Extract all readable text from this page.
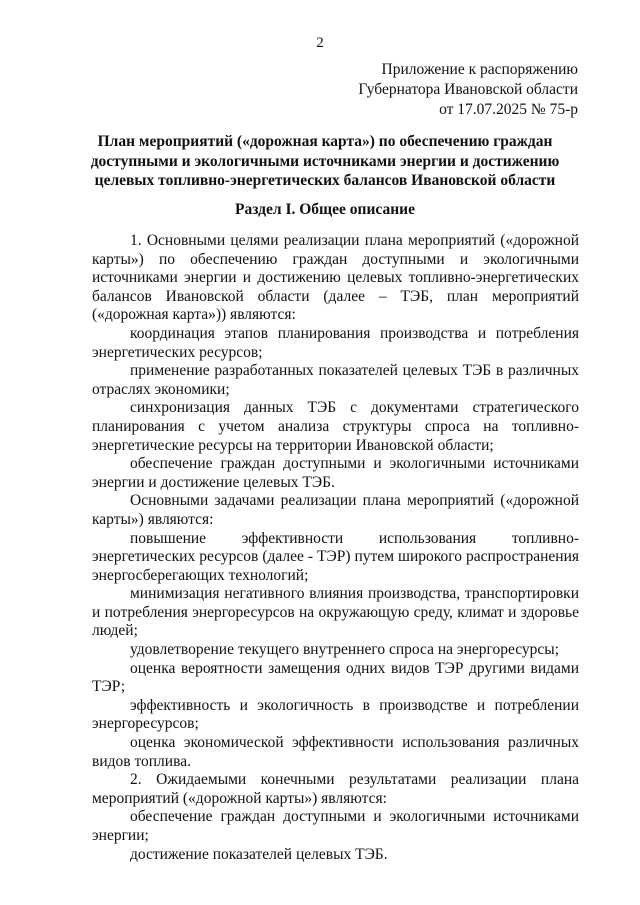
2
Приложение к распоряжению
Губернатора Ивановской области
от 17.07.2025 № 75-р
План мероприятий («дорожная карта») по обеспечению граждан
доступными и экологичными источниками энергии и достижению
целевых топливно-энергетических балансов Ивановской области
Раздел I. Общее описание

1. Основными целями реализации плана мероприятий («дорожной карты») по обеспечению граждан доступными и экологичными источниками энергии и достижению целевых топливно-энергетических балансов Ивановской области (далее – ТЭБ, план мероприятий («дорожная карта»)) являются:

координация этапов планирования производства и потребления энергетических ресурсов;

применение разработанных показателей целевых ТЭБ в различных отраслях экономики;

синхронизация данных ТЭБ с документами стратегического планирования с учетом анализа структуры спроса на топливно-энергетические ресурсы на территории Ивановской области;

обеспечение граждан доступными и экологичными источниками энергии и достижение целевых ТЭБ.

Основными задачами реализации плана мероприятий («дорожной карты») являются:

повышение эффективности использования топливно-энергетических ресурсов (далее - ТЭР) путем широкого распространения энергосберегающих технологий;

минимизация негативного влияния производства, транспортировки и потребления энергоресурсов на окружающую среду, климат и здоровье людей;

удовлетворение текущего внутреннего спроса на энергоресурсы;

оценка вероятности замещения одних видов ТЭР другими видами ТЭР;

эффективность и экологичность в производстве и потреблении энергоресурсов;

оценка экономической эффективности использования различных видов топлива.

2. Ожидаемыми конечными результатами реализации плана мероприятий («дорожной карты») являются:

обеспечение граждан доступными и экологичными источниками энергии;

достижение показателей целевых ТЭБ.
